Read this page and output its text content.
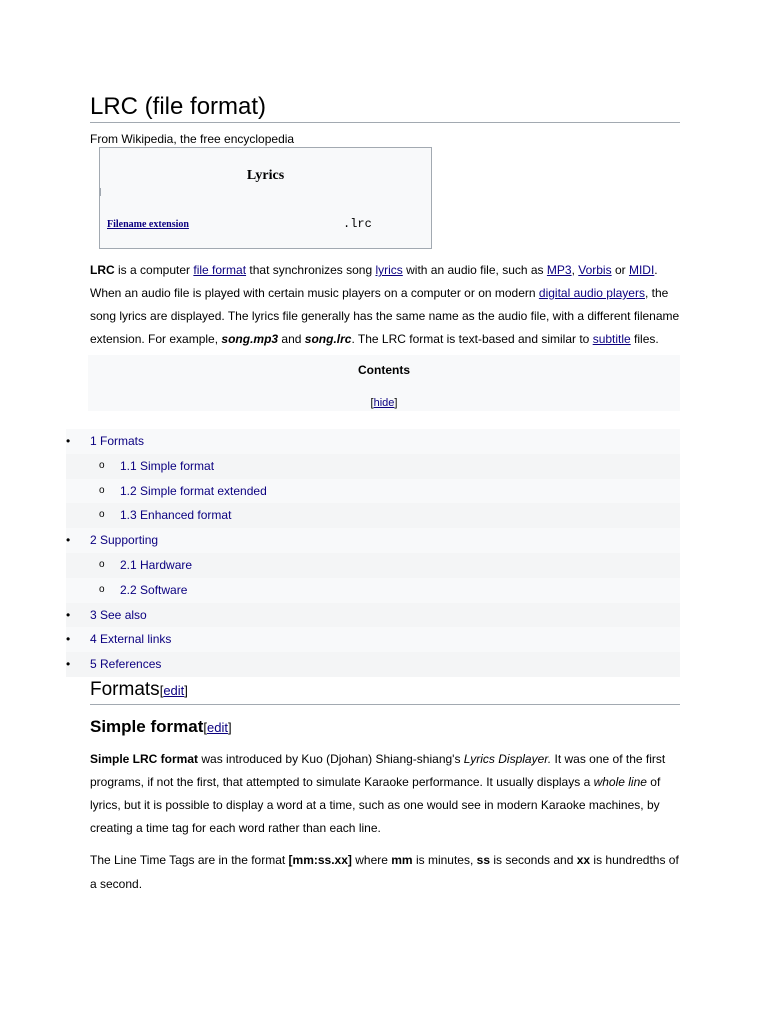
LRC (file format)
From Wikipedia, the free encyclopedia
Lyrics
Filename extension	.lrc

LRC is a computer file format that synchronizes song lyrics with an audio file, such as MP3, Vorbis or MIDI. When an audio file is played with certain music players on a computer or on modern digital audio players, the song lyrics are displayed. The lyrics file generally has the same name as the audio file, with a different filename extension. For example, song.mp3 and song.lrc. The LRC format is text-based and similar to subtitle files.

Contents
[hide]
• 1 Formats
o 1.1 Simple format
o 1.2 Simple format extended
o 1.3 Enhanced format
• 2 Supporting
o 2.1 Hardware
o 2.2 Software
• 3 See also
• 4 External links
• 5 References
Formats[edit]
Simple format[edit]

Simple LRC format was introduced by Kuo (Djohan) Shiang-shiang's Lyrics Displayer. It was one of the first programs, if not the first, that attempted to simulate Karaoke performance. It usually displays a whole line of lyrics, but it is possible to display a word at a time, such as one would see in modern Karaoke machines, by creating a time tag for each word rather than each line.

The Line Time Tags are in the format [mm:ss.xx] where mm is minutes, ss is seconds and xx is hundredths of a second.
